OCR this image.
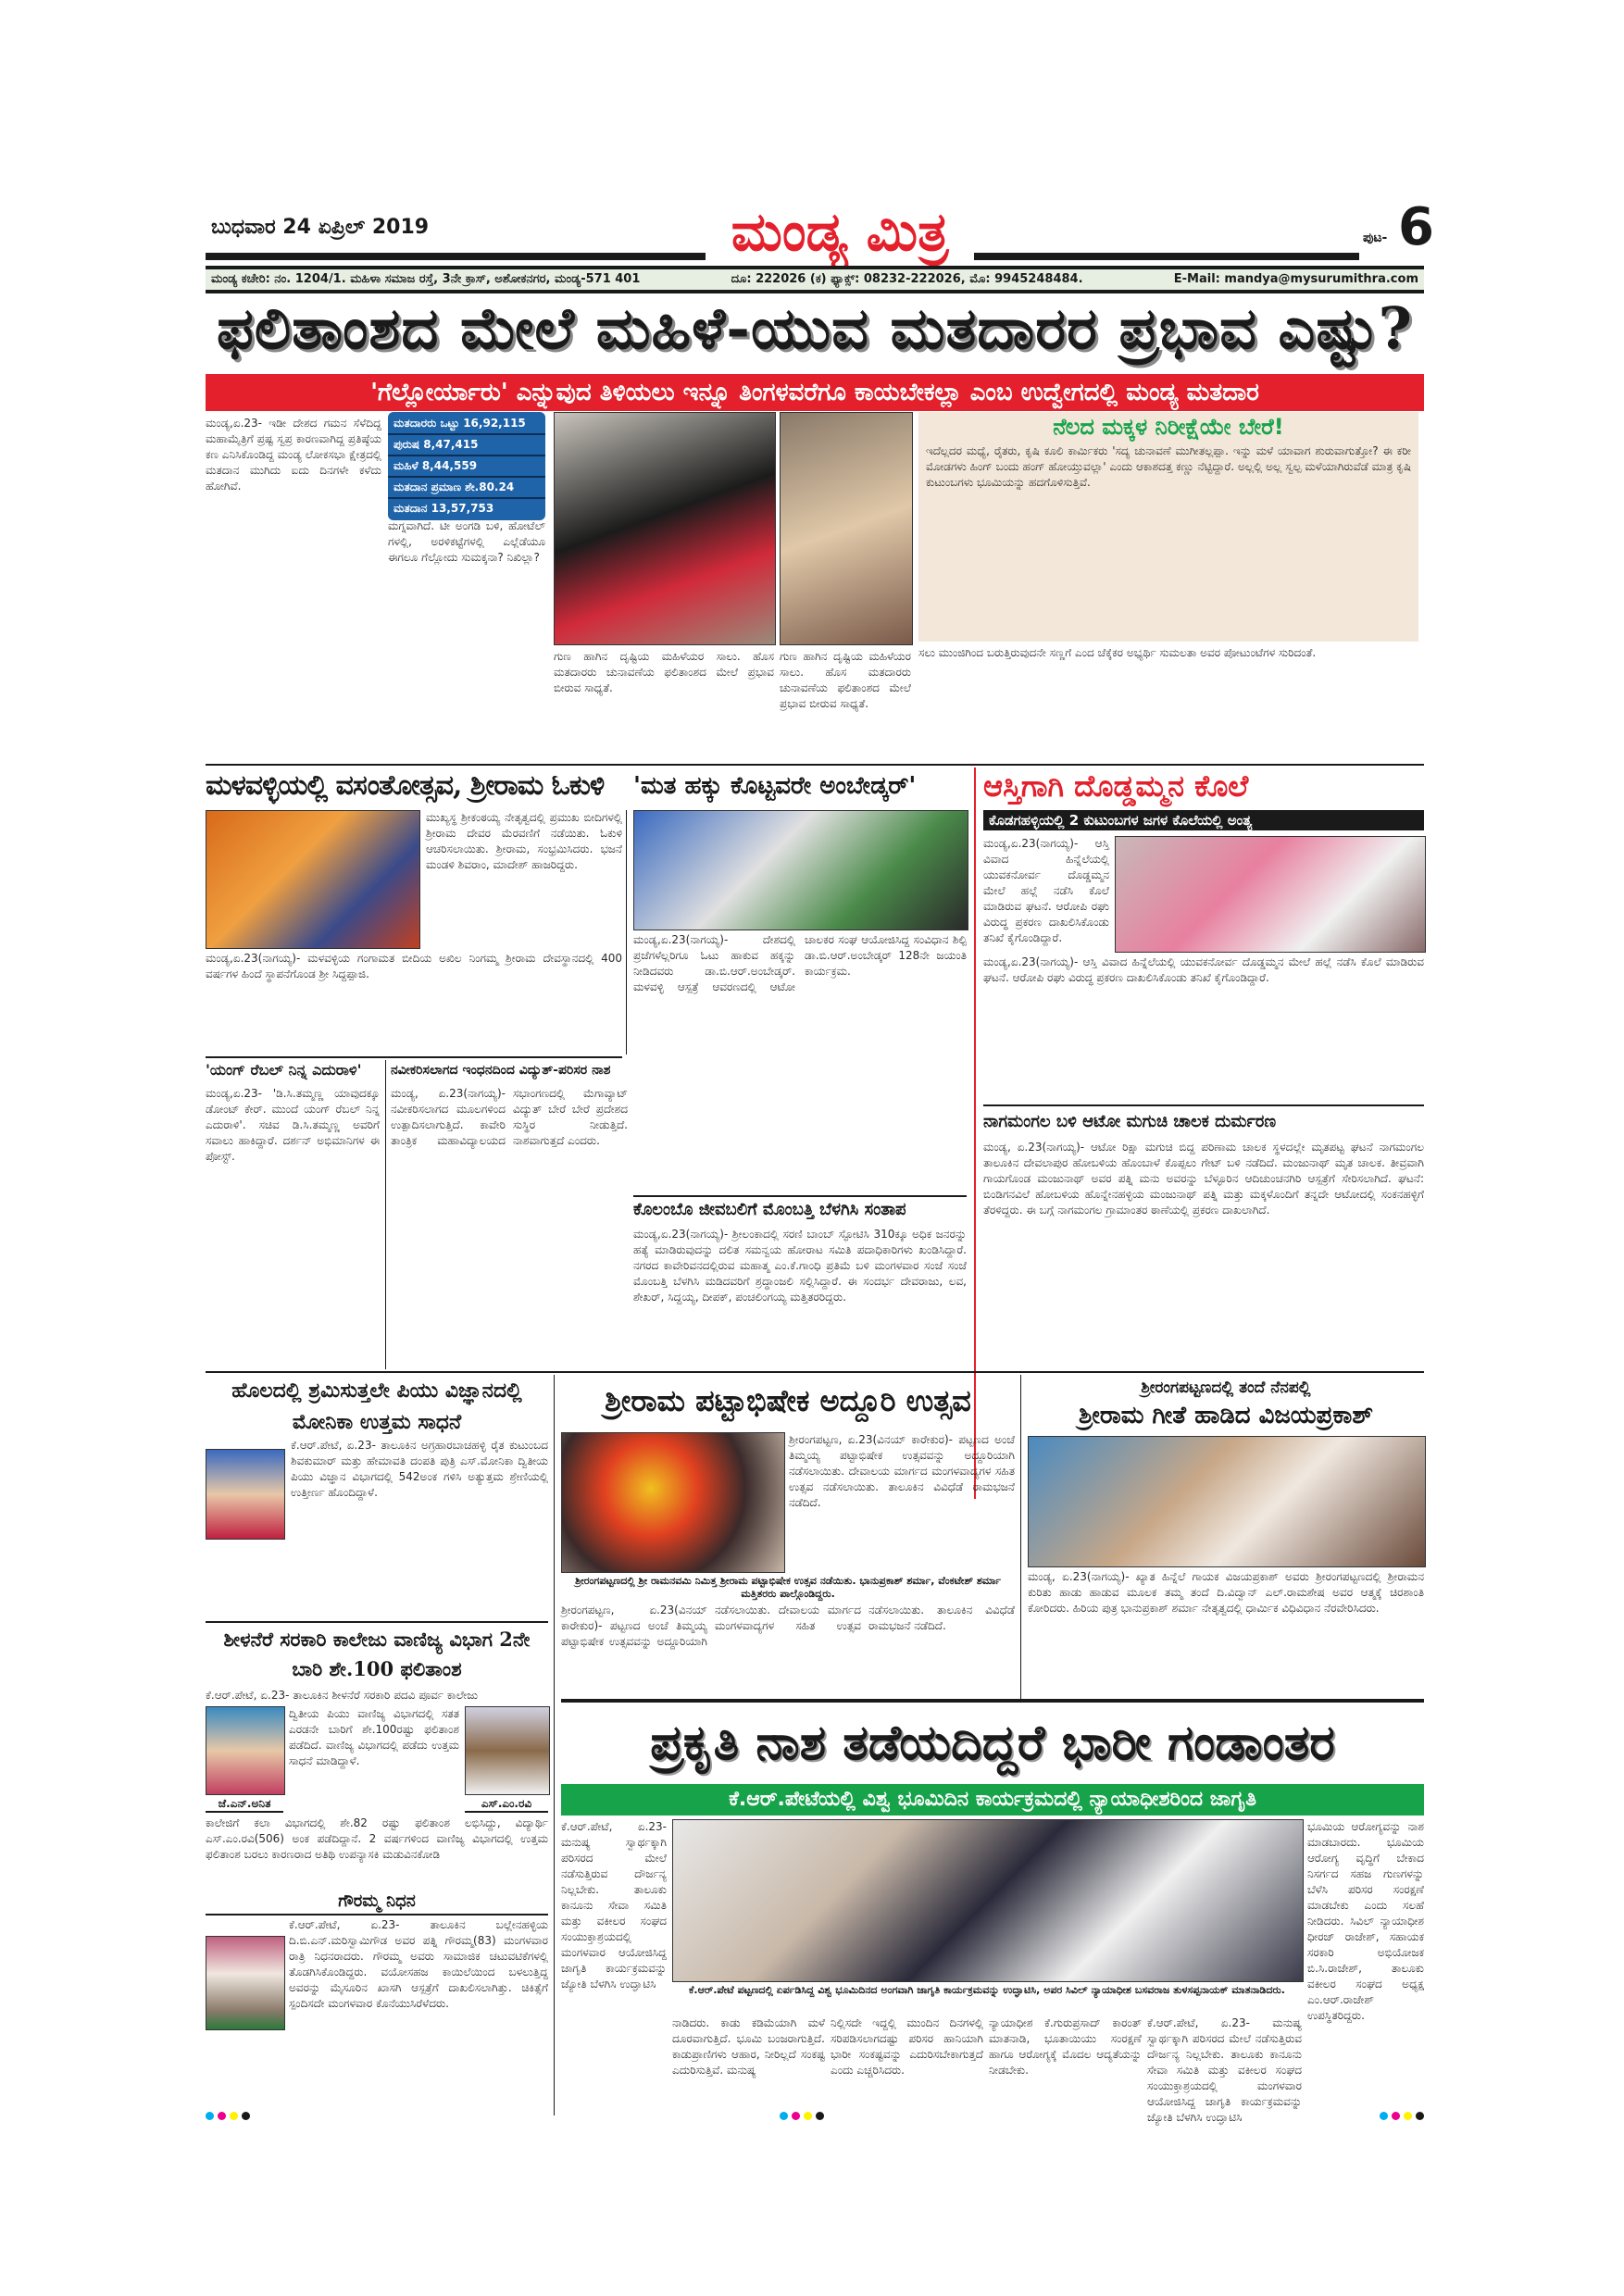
ಬುಧವಾರ 24 ಏಪ್ರಿಲ್ 2019	ಮಂಡ್ಯ ಮಿತ್ರ	ಪುಟ- 6
ಮಂಡ್ಯ ಕಚೇರಿ: ನಂ. 1204/1. ಮಹಿಳಾ ಸಮಾಜ ರಸ್ತೆ, 3ನೇ ಕ್ರಾಸ್, ಅಶೋಕನಗರ, ಮಂಡ್ಯ-571 401	ದೂ: 222026 (ಕ) ಫ್ಯಾಕ್ಸ್: 08232-222026, ಮೊ: 9945248484.	E-Mail: mandya@mysurumithra.com
ಫಲಿತಾಂಶದ ಮೇಲೆ ಮಹಿಳೆ-ಯುವ ಮತದಾರರ ಪ್ರಭಾವ ಎಷ್ಟು?
'ಗೆಲ್ಲೋರ್ಯಾರು' ಎನ್ನುವುದ ತಿಳಿಯಲು ಇನ್ನೂ ತಿಂಗಳವರೆಗೂ ಕಾಯಬೇಕಲ್ಲಾ ಎಂಬ ಉದ್ವೇಗದಲ್ಲಿ ಮಂಡ್ಯ ಮತದಾರ
ಮಂಡ್ಯ,ಏ.23- ಇಡೀ ದೇಶದ ಗಮನ ಸೆಳೆದಿದ್ದ ಮಹಾಮೈತ್ರಿಗೆ ಪ್ರಷ್ಟ ಸ್ವಪ್ರ ಕಾರಣವಾಗಿದ್ದ ಪ್ರತಿಷ್ಠೆಯ ಕಣ ಎನಿಸಿಕೊಂಡಿದ್ದ ಮಂಡ್ಯ ಲೋಕಸಭಾ ಕ್ಷೇತ್ರದಲ್ಲಿ ಮತದಾನ ಮುಗಿದು ಐದು ದಿನಗಳೇ ಕಳೆದು ಹೋಗಿವೆ.
ಮತದಾರರು ಒಟ್ಟು 16,92,115
ಪುರುಷ 8,47,415
ಮಹಿಳೆ 8,44,559
ಮತದಾನ ಪ್ರಮಾಣ ಶೇ.80.24
ಮತದಾನ 13,57,753
ಮಗ್ನವಾಗಿದೆ. ಟೀ ಅಂಗಡಿ ಬಳಿ, ಹೋಟೆಲ್ ಗಳಲ್ಲಿ, ಅರಳಿಕಟ್ಟೆಗಳಲ್ಲಿ ಎಲ್ಲೆಡೆಯೂ ಈಗಲೂ ಗೆಲ್ಲೋದು ಸುಮಕ್ಕನಾ? ನಿಖಿಲ್ಲಾ?
ಗುಣ ಹಾಗಿನ ದೃಷ್ಟಿಯ ಮಹಿಳೆಯರ ಸಾಲು. ಹೊಸ ಮತದಾರರು ಚುನಾವಣೆಯ ಫಲಿತಾಂಶದ ಮೇಲೆ ಪ್ರಭಾವ ಬೀರುವ ಸಾಧ್ಯತೆ.
ಗುಣ ಹಾಗಿನ ದೃಷ್ಟಿಯ ಮಹಿಳೆಯರ ಸಾಲು. ಹೊಸ ಮತದಾರರು ಚುನಾವಣೆಯ ಫಲಿತಾಂಶದ ಮೇಲೆ ಪ್ರಭಾವ ಬೀರುವ ಸಾಧ್ಯತೆ.
ನೆಲದ ಮಕ್ಕಳ ನಿರೀಕ್ಷೆಯೇ ಬೇರೆ!
ಇದೆಲ್ಲದರ ಮಧ್ಯೆ, ರೈತರು, ಕೃಷಿ ಕೂಲಿ ಕಾರ್ಮಿಕರು 'ಸದ್ಯ ಚುನಾವಣೆ ಮುಗೀತಲ್ಲಪ್ಪಾ. ಇನ್ನು ಮಳೆ ಯಾವಾಗ ಶುರುವಾಗುತ್ತೋ? ಈ ಕರೀ ಮೋಡಗಳು ಹಿಂಗ್ ಬಂದು ಹಂಗ್ ಹೋಯ್ತುವಲ್ಲಾ' ಎಂದು ಆಕಾಶದತ್ತ ಕಣ್ಣು ನೆಟ್ಟಿದ್ದಾರೆ. ಅಲ್ಲಲ್ಲಿ ಅಲ್ಲ ಸ್ವಲ್ಪ ಮಳೆಯಾಗಿರುವೆಡೆ ಮಾತ್ರ ಕೃಷಿ ಕುಟುಂಬಗಳು ಭೂಮಿಯನ್ನು ಹದಗೊಳಿಸುತ್ತಿವೆ.
ಸಲು ಮುಂಜಿಗಿಂದ ಬರುತ್ತಿರುವುದನೇ ಸಣ್ಣಗೆ ಎಂದ ಚೆಕ್ಕೆಕರ ಅಭ್ಯರ್ಥಿ ಸುಮಲತಾ ಅವರ ಪೋಟುಂಟೆಗಳ ಸುರಿದಂತೆ.
ಮಳವಳ್ಳಿಯಲ್ಲಿ ವಸಂತೋತ್ಸವ, ಶ್ರೀರಾಮ ಓಕುಳಿ
ಮುಖ್ಯಸ್ಥ ಶ್ರೀಕಂಠಯ್ಯ ನೇತೃತ್ವದಲ್ಲಿ ಪ್ರಮುಖ ಬೀದಿಗಳಲ್ಲಿ ಶ್ರೀರಾಮ ದೇವರ ಮೆರವಣಿಗೆ ನಡೆಯಿತು. ಓಕುಳಿ ಆಚರಿಸಲಾಯಿತು. ಶ್ರೀರಾಮ, ಸಂಭ್ರಮಿಸಿದರು. ಭಜನೆ ಮಂಡಳಿ ಶಿವರಾಂ, ಮಾದೇಶ್ ಹಾಜರಿದ್ದರು.
ಮಂಡ್ಯ,ಏ.23(ನಾಗಯ್ಯ)- ಮಳವಳ್ಳಿಯ ಗಂಗಾಮತ ಬೀದಿಯ ಅಖಿಲ ನಿಂಗಮ್ಮ ಶ್ರೀರಾಮ ದೇವಸ್ಥಾನದಲ್ಲಿ 400 ವರ್ಷಗಳ ಹಿಂದೆ ಸ್ಥಾಪನೆಗೊಂಡ ಶ್ರೀ ಸಿದ್ದಪ್ಪಾಜಿ.
'ಮತ ಹಕ್ಕು ಕೊಟ್ಟವರೇ ಅಂಬೇಡ್ಕರ್'
ಮಂಡ್ಯ,ಏ.23(ನಾಗಯ್ಯ)- ದೇಶದಲ್ಲಿ ಪ್ರಜೆಗಳೆಲ್ಲರಿಗೂ ಓಟು ಹಾಕುವ ಹಕ್ಕನ್ನು ನೀಡಿದವರು ಡಾ.ಬಿ.ಆರ್.ಅಂಬೇಡ್ಕರ್. ಮಳವಳ್ಳಿ ಆಸ್ಪತ್ರೆ ಆವರಣದಲ್ಲಿ ಆಟೋ ಚಾಲಕರ ಸಂಘ ಆಯೋಜಿಸಿದ್ದ ಸಂವಿಧಾನ ಶಿಲ್ಪಿ ಡಾ.ಬಿ.ಆರ್.ಅಂಬೇಡ್ಕರ್ 128ನೇ ಜಯಂತಿ ಕಾರ್ಯಕ್ರಮ.
ಆಸ್ತಿಗಾಗಿ ದೊಡ್ಡಮ್ಮನ ಕೊಲೆ
ಕೊಡಗಹಳ್ಳಿಯಲ್ಲಿ 2 ಕುಟುಂಬಗಳ ಜಗಳ ಕೊಲೆಯಲ್ಲಿ ಅಂತ್ಯ
ಮಂಡ್ಯ,ಏ.23(ನಾಗಯ್ಯ)- ಆಸ್ತಿ ವಿವಾದ ಹಿನ್ನೆಲೆಯಲ್ಲಿ ಯುವಕನೋರ್ವ ದೊಡ್ಡಮ್ಮನ ಮೇಲೆ ಹಲ್ಲೆ ನಡೆಸಿ ಕೊಲೆ ಮಾಡಿರುವ ಘಟನೆ. ಆರೋಪಿ ರಘು ವಿರುದ್ಧ ಪ್ರಕರಣ ದಾಖಲಿಸಿಕೊಂಡು ತನಿಖೆ ಕೈಗೊಂಡಿದ್ದಾರೆ.
ಮಂಡ್ಯ,ಏ.23(ನಾಗಯ್ಯ)- ಆಸ್ತಿ ವಿವಾದ ಹಿನ್ನೆಲೆಯಲ್ಲಿ ಯುವಕನೋರ್ವ ದೊಡ್ಡಮ್ಮನ ಮೇಲೆ ಹಲ್ಲೆ ನಡೆಸಿ ಕೊಲೆ ಮಾಡಿರುವ ಘಟನೆ. ಆರೋಪಿ ರಘು ವಿರುದ್ಧ ಪ್ರಕರಣ ದಾಖಲಿಸಿಕೊಂಡು ತನಿಖೆ ಕೈಗೊಂಡಿದ್ದಾರೆ.
'ಯಂಗ್ ರೆಬಲ್ ನಿನ್ನ ಎದುರಾಳಿ'
ಮಂಡ್ಯ,ಏ.23- 'ಡಿ.ಸಿ.ತಮ್ಮಣ್ಣ ಯಾವುದಕ್ಕೂ ಡೋಂಟ್ ಕೇರ್. ಮುಂದೆ ಯಂಗ್ ರೆಬಲ್ ನಿನ್ನ ಎದುರಾಳಿ'. ಸಚಿವ ಡಿ.ಸಿ.ತಮ್ಮಣ್ಣ ಅವರಿಗೆ ಸವಾಲು ಹಾಕಿದ್ದಾರೆ. ದರ್ಶನ್ ಅಭಿಮಾನಿಗಳ ಈ ಪೋಸ್ಟ್.
ನವೀಕರಿಸಲಾಗದ ಇಂಧನದಿಂದ ವಿದ್ಯುತ್-ಪರಿಸರ ನಾಶ
ಮಂಡ್ಯ, ಏ.23(ನಾಗಯ್ಯ)- ನವೀಕರಿಸಲಾಗದ ಮೂಲಗಳಿಂದ ಉತ್ಪಾದಿಸಲಾಗುತ್ತಿದೆ. ಕಾವೇರಿ ತಾಂತ್ರಿಕ ಮಹಾವಿದ್ಯಾಲಯದ ಸಭಾಂಗಣದಲ್ಲಿ ಮೆಗಾವ್ಯಾಟ್ ವಿದ್ಯುತ್ ಬೇರೆ ಬೇರೆ ಪ್ರದೇಶದ ಸುಸ್ಥಿರ ನೀಡುತ್ತಿದೆ. ನಾಶವಾಗುತ್ತದೆ ಎಂದರು.
ಕೊಲಂಬೊ ಜೀವಬಲಿಗೆ ಮೊಂಬತ್ತಿ ಬೆಳಗಿಸಿ ಸಂತಾಪ
ಮಂಡ್ಯ,ಏ.23(ನಾಗಯ್ಯ)- ಶ್ರೀಲಂಕಾದಲ್ಲಿ ಸರಣಿ ಬಾಂಬ್ ಸ್ಫೋಟಿಸಿ 310ಕ್ಕೂ ಅಧಿಕ ಜನರನ್ನು ಹತ್ಯೆ ಮಾಡಿರುವುದನ್ನು ದಲಿತ ಸಮನ್ವಯ ಹೋರಾಟ ಸಮಿತಿ ಪದಾಧಿಕಾರಿಗಳು ಖಂಡಿಸಿದ್ದಾರೆ. ನಗರದ ಕಾವೇರಿವನದಲ್ಲಿರುವ ಮಹಾತ್ಮ ಎಂ.ಕೆ.ಗಾಂಧಿ ಪ್ರತಿಮೆ ಬಳಿ ಮಂಗಳವಾರ ಸಂಜೆ ಸಂಜೆ ಮೊಂಬತ್ತಿ ಬೆಳಗಿಸಿ ಮಡಿದವರಿಗೆ ಶ್ರದ್ಧಾಂಜಲಿ ಸಲ್ಲಿಸಿದ್ದಾರೆ. ಈ ಸಂದರ್ಭ ದೇವರಾಜು, ಲವ, ಶೇಖರ್, ಸಿದ್ದಯ್ಯ, ದೀಪಕ್, ಪಂಚಲಿಂಗಯ್ಯ ಮತ್ತಿತರರಿದ್ದರು.
ನಾಗಮಂಗಲ ಬಳಿ ಆಟೋ ಮಗುಚಿ ಚಾಲಕ ದುರ್ಮರಣ
ಮಂಡ್ಯ, ಏ.23(ನಾಗಯ್ಯ)- ಆಟೋ ರಿಕ್ಷಾ ಮಗುಚಿ ಬಿದ್ದ ಪರಿಣಾಮ ಚಾಲಕ ಸ್ಥಳದಲ್ಲೇ ಮೃತಪಟ್ಟ ಘಟನೆ ನಾಗಮಂಗಲ ತಾಲೂಕಿನ ದೇವಲಾಪುರ ಹೋಬಳಿಯ ಹೊಂಬಾಳೆ ಕೊಪ್ಪಲು ಗೇಟ್ ಬಳಿ ನಡೆದಿದೆ. ಮಂಜುನಾಥ್ ಮೃತ ಚಾಲಕ. ತೀವ್ರವಾಗಿ ಗಾಯಗೊಂಡ ಮಂಜುನಾಥ್ ಅವರ ಪತ್ನಿ ಮನು ಅವರನ್ನು ಬೆಳ್ಳೂರಿನ ಆದಿಚುಂಚನಗಿರಿ ಆಸ್ಪತ್ರೆಗೆ ಸೇರಿಸಲಾಗಿದೆ. ಘಟನೆ: ಬಿಂಡಿಗನವಿಲೆ ಹೋಬಳಿಯ ಹೊನ್ನೇನಹಳ್ಳಿಯ ಮಂಜುನಾಥ್ ಪತ್ನಿ ಮತ್ತು ಮಕ್ಕಳೊಂದಿಗೆ ತನ್ನದೇ ಆಟೋದಲ್ಲಿ ಸಂಕನಹಳ್ಳಿಗೆ ತೆರಳಿದ್ದರು. ಈ ಬಗ್ಗೆ ನಾಗಮಂಗಲ ಗ್ರಾಮಾಂತರ ಠಾಣೆಯಲ್ಲಿ ಪ್ರಕರಣ ದಾಖಲಾಗಿದೆ.
ಹೊಲದಲ್ಲಿ ಶ್ರಮಿಸುತ್ತಲೇ ಪಿಯು ವಿಜ್ಞಾನದಲ್ಲಿ ಮೋನಿಕಾ ಉತ್ತಮ ಸಾಧನೆ
ಕೆ.ಆರ್.ಪೇಟೆ, ಏ.23- ತಾಲೂಕಿನ ಅಗ್ರಹಾರಬಾಚಹಳ್ಳಿ ರೈತ ಕುಟುಂಬದ ಶಿವಕುಮಾರ್ ಮತ್ತು ಹೇಮಾವತಿ ದಂಪತಿ ಪುತ್ರಿ ಎಸ್.ಮೋನಿಕಾ ದ್ವಿತೀಯ ಪಿಯು ವಿಜ್ಞಾನ ವಿಭಾಗದಲ್ಲಿ 542ಅಂಕ ಗಳಿಸಿ ಅತ್ಯುತ್ತಮ ಶ್ರೇಣಿಯಲ್ಲಿ ಉತ್ತೀರ್ಣ ಹೊಂದಿದ್ದಾಳೆ.
ಶೀಳನೆರೆ ಸರಕಾರಿ ಕಾಲೇಜು ವಾಣಿಜ್ಯ ವಿಭಾಗ 2ನೇ ಬಾರಿ ಶೇ.100 ಫಲಿತಾಂಶ
ಕೆ.ಆರ್.ಪೇಟೆ, ಏ.23- ತಾಲೂಕಿನ ಶೀಳನೆರೆ ಸರಕಾರಿ ಪದವಿ ಪೂರ್ವ ಕಾಲೇಜು
ದ್ವಿತೀಯ ಪಿಯು ವಾಣಿಜ್ಯ ವಿಭಾಗದಲ್ಲಿ ಸತತ ಎರಡನೇ ಬಾರಿಗೆ ಶೇ.100ರಷ್ಟು ಫಲಿತಾಂಶ ಪಡೆದಿದೆ. ವಾಣಿಜ್ಯ ವಿಭಾಗದಲ್ಲಿ ಪಡೆದು ಉತ್ತಮ ಸಾಧನೆ ಮಾಡಿದ್ದಾಳೆ.
ಜೆ.ಎನ್.ಅನಿತ	ಎಸ್.ಎಂ.ರವಿ
ಕಾಲೇಜಿಗೆ ಕಲಾ ವಿಭಾಗದಲ್ಲಿ ಶೇ.82 ರಷ್ಟು ಫಲಿತಾಂಶ ಲಭಿಸಿದ್ದು, ವಿದ್ಯಾರ್ಥಿ ಎಸ್.ಎಂ.ರವಿ(506) ಅಂಕ ಪಡೆದಿದ್ದಾನೆ. 2 ವರ್ಷಗಳಿಂದ ವಾಣಿಜ್ಯ ವಿಭಾಗದಲ್ಲಿ ಉತ್ತಮ ಫಲಿತಾಂಶ ಬರಲು ಕಾರಣರಾದ ಅತಿಥಿ ಉಪನ್ಯಾಸಕಿ ಮಡುವಿನಕೋಡಿ
ಗೌರಮ್ಮ ನಿಧನ
ಕೆ.ಆರ್.ಪೇಟೆ, ಏ.23- ತಾಲೂಕಿನ ಬಲ್ಲೇನಹಳ್ಳಿಯ ದಿ.ಬಿ.ಎನ್.ಮರಿಸ್ವಾಮಿಗೌಡ ಅವರ ಪತ್ನಿ ಗೌರಮ್ಮ(83) ಮಂಗಳವಾರ ರಾತ್ರಿ ನಿಧನರಾದರು. ಗೌರಮ್ಮ ಅವರು ಸಾಮಾಜಿಕ ಚಟುವಟಿಕೆಗಳಲ್ಲಿ ತೊಡಗಿಸಿಕೊಂಡಿದ್ದರು. ವಯೋಸಹಜ ಕಾಯಿಲೆಯಿಂದ ಬಳಲುತ್ತಿದ್ದ ಅವರನ್ನು ಮೈಸೂರಿನ ಖಾಸಗಿ ಆಸ್ಪತ್ರೆಗೆ ದಾಖಲಿಸಲಾಗಿತ್ತು. ಚಿಕಿತ್ಸೆಗೆ ಸ್ಪಂದಿಸದೇ ಮಂಗಳವಾರ ಕೊನೆಯುಸಿರೆಳೆದರು.
ಶ್ರೀರಾಮ ಪಟ್ಟಾಭಿಷೇಕ ಅದ್ದೂರಿ ಉತ್ಸವ
ಶ್ರೀರಂಗಪಟ್ಟಣದಲ್ಲಿ ಶ್ರೀ ರಾಮನವಮಿ ನಿಮಿತ್ತ ಶ್ರೀರಾಮ ಪಟ್ಟಾಭಿಷೇಕ ಉತ್ಸವ ನಡೆಯಿತು. ಭಾನುಪ್ರಕಾಶ್ ಶರ್ಮಾ, ವೆಂಕಟೇಶ್ ಶರ್ಮಾ ಮತ್ತಿತರರು ಪಾಲ್ಗೊಂಡಿದ್ದರು.
ಶ್ರೀರಂಗಪಟ್ಟಣ, ಏ.23(ವಿನಯ್ ಕಾರೇಕುರ)- ಪಟ್ಟಣದ ಅಂಚೆ ತಿಮ್ಮಯ್ಯ ಪಟ್ಟಾಭಿಷೇಕ ಉತ್ಸವವನ್ನು ಅದ್ದೂರಿಯಾಗಿ ನಡೆಸಲಾಯಿತು. ದೇವಾಲಯ ಮಾರ್ಗದ ಮಂಗಳವಾದ್ಯಗಳ ಸಹಿತ ಉತ್ಸವ ನಡೆಸಲಾಯಿತು. ತಾಲೂಕಿನ ವಿವಿಧೆಡೆ ರಾಮಭಜನೆ ನಡೆದಿದೆ.
ಶ್ರೀರಂಗಪಟ್ಟಣ, ಏ.23(ವಿನಯ್ ಕಾರೇಕುರ)- ಪಟ್ಟಣದ ಅಂಚೆ ತಿಮ್ಮಯ್ಯ ಪಟ್ಟಾಭಿಷೇಕ ಉತ್ಸವವನ್ನು ಅದ್ದೂರಿಯಾಗಿ ನಡೆಸಲಾಯಿತು. ದೇವಾಲಯ ಮಾರ್ಗದ ಮಂಗಳವಾದ್ಯಗಳ ಸಹಿತ ಉತ್ಸವ ನಡೆಸಲಾಯಿತು. ತಾಲೂಕಿನ ವಿವಿಧೆಡೆ ರಾಮಭಜನೆ ನಡೆದಿದೆ.
ಶ್ರೀರಂಗಪಟ್ಟಣದಲ್ಲಿ ತಂದೆ ನೆನಪಲ್ಲಿ
ಶ್ರೀರಾಮ ಗೀತೆ ಹಾಡಿದ ವಿಜಯಪ್ರಕಾಶ್
ಮಂಡ್ಯ, ಏ.23(ನಾಗಯ್ಯ)- ಖ್ಯಾತ ಹಿನ್ನೆಲೆ ಗಾಯಕ ವಿಜಯಪ್ರಕಾಶ್ ಅವರು ಶ್ರೀರಂಗಪಟ್ಟಣದಲ್ಲಿ ಶ್ರೀರಾಮನ ಕುರಿತು ಹಾಡು ಹಾಡುವ ಮೂಲಕ ತಮ್ಮ ತಂದೆ ದಿ.ವಿದ್ವಾನ್ ಎಲ್.ರಾಮಶೇಷ ಅವರ ಆತ್ಮಕ್ಕೆ ಚಿರಶಾಂತಿ ಕೋರಿದರು. ಹಿರಿಯ ಪುತ್ರ ಭಾನುಪ್ರಕಾಶ್ ಶರ್ಮಾ ನೇತೃತ್ವದಲ್ಲಿ ಧಾರ್ಮಿಕ ವಿಧಿವಿಧಾನ ನೆರವೇರಿಸಿದರು.
ಪ್ರಕೃತಿ ನಾಶ ತಡೆಯದಿದ್ದರೆ ಭಾರೀ ಗಂಡಾಂತರ
ಕೆ.ಆರ್.ಪೇಟೆಯಲ್ಲಿ ವಿಶ್ವ ಭೂಮಿದಿನ ಕಾರ್ಯಕ್ರಮದಲ್ಲಿ ನ್ಯಾಯಾಧೀಶರಿಂದ ಜಾಗೃತಿ
ಕೆ.ಆರ್.ಪೇಟೆ, ಏ.23- ಮನುಷ್ಯ ಸ್ವಾರ್ಥಕ್ಕಾಗಿ ಪರಿಸರದ ಮೇಲೆ ನಡೆಸುತ್ತಿರುವ ದೌರ್ಜನ್ಯ ನಿಲ್ಲಬೇಕು. ತಾಲೂಕು ಕಾನೂನು ಸೇವಾ ಸಮಿತಿ ಮತ್ತು ವಕೀಲರ ಸಂಘದ ಸಂಯುಕ್ತಾಶ್ರಯದಲ್ಲಿ ಮಂಗಳವಾರ ಆಯೋಜಿಸಿದ್ದ ಜಾಗೃತಿ ಕಾರ್ಯಕ್ರಮವನ್ನು ಜ್ಯೋತಿ ಬೆಳಗಿಸಿ ಉದ್ಘಾಟಿಸಿ	ಕೆ.ಆರ್.ಪೇಟೆ ಪಟ್ಟಣದಲ್ಲಿ ಏರ್ಪಡಿಸಿದ್ದ ವಿಶ್ವ ಭೂಮಿದಿನದ ಅಂಗವಾಗಿ ಜಾಗೃತಿ ಕಾರ್ಯಕ್ರಮವನ್ನು ಉದ್ಘಾಟಿಸಿ, ಅಪರ ಸಿವಿಲ್ ನ್ಯಾಯಾಧೀಶ ಬಸವರಾಜ ತುಳಸಪ್ಪನಾಯಕ್ ಮಾತನಾಡಿದರು.
ನಾಡಿದರು. ಕಾಡು ಕಡಿಮೆಯಾಗಿ ಮಳೆ ದೂರವಾಗುತ್ತಿದೆ. ಭೂಮಿ ಬಂಜರಾಗುತ್ತಿದೆ. ಕಾಡುಪ್ರಾಣಿಗಳು ಆಹಾರ, ನೀರಿಲ್ಲದೆ ಸಂಕಷ್ಟ ಎದುರಿಸುತ್ತಿವೆ. ಮನುಷ್ಯ
ನಿಲ್ಲಿಸದೇ ಇದ್ದಲ್ಲಿ ಮುಂದಿನ ದಿನಗಳಲ್ಲಿ ಸರಿಪಡಿಸಲಾಗದಷ್ಟು ಪರಿಸರ ಹಾನಿಯಾಗಿ ಭಾರೀ ಸಂಕಷ್ಟವನ್ನು ಎದುರಿಸಬೇಕಾಗುತ್ತದೆ ಎಂದು ಎಚ್ಚರಿಸಿದರು.
ನ್ಯಾಯಾಧೀಶ ಕೆ.ಗುರುಪ್ರಸಾದ್ ಕಾರಂತ್ ಮಾತನಾಡಿ, ಭೂತಾಯಿಯು ಸಂರಕ್ಷಣೆ ಹಾಗೂ ಆರೋಗ್ಯಕ್ಕೆ ಮೊದಲ ಆದ್ಯತೆಯನ್ನು ನೀಡಬೇಕು.
ಕೆ.ಆರ್.ಪೇಟೆ, ಏ.23- ಮನುಷ್ಯ ಸ್ವಾರ್ಥಕ್ಕಾಗಿ ಪರಿಸರದ ಮೇಲೆ ನಡೆಸುತ್ತಿರುವ ದೌರ್ಜನ್ಯ ನಿಲ್ಲಬೇಕು. ತಾಲೂಕು ಕಾನೂನು ಸೇವಾ ಸಮಿತಿ ಮತ್ತು ವಕೀಲರ ಸಂಘದ ಸಂಯುಕ್ತಾಶ್ರಯದಲ್ಲಿ ಮಂಗಳವಾರ ಆಯೋಜಿಸಿದ್ದ ಜಾಗೃತಿ ಕಾರ್ಯಕ್ರಮವನ್ನು ಜ್ಯೋತಿ ಬೆಳಗಿಸಿ ಉದ್ಘಾಟಿಸಿ
ಭೂಮಿಯ ಆರೋಗ್ಯವನ್ನು ನಾಶ ಮಾಡಬಾರದು. ಭೂಮಿಯ ಆರೋಗ್ಯ ವೃದ್ಧಿಗೆ ಬೇಕಾದ ನಿಸರ್ಗದ ಸಹಜ ಗುಣಗಳನ್ನು ಬೆಳೆಸಿ ಪರಿಸರ ಸಂರಕ್ಷಣೆ ಮಾಡಬೇಕು ಎಂದು ಸಲಹೆ ನೀಡಿದರು. ಸಿವಿಲ್ ನ್ಯಾಯಾಧೀಶ ಧೀರಜ್ ರಾಜೇಶ್, ಸಹಾಯಕ ಸರಕಾರಿ ಅಭಿಯೋಜಕ ಬಿ.ಸಿ.ರಾಜೇಶ್, ತಾಲೂಕು ವಕೀಲರ ಸಂಘದ ಅಧ್ಯಕ್ಷ ಎಂ.ಆರ್.ರಾಜೇಶ್ ಉಪಸ್ಥಿತರಿದ್ದರು.
